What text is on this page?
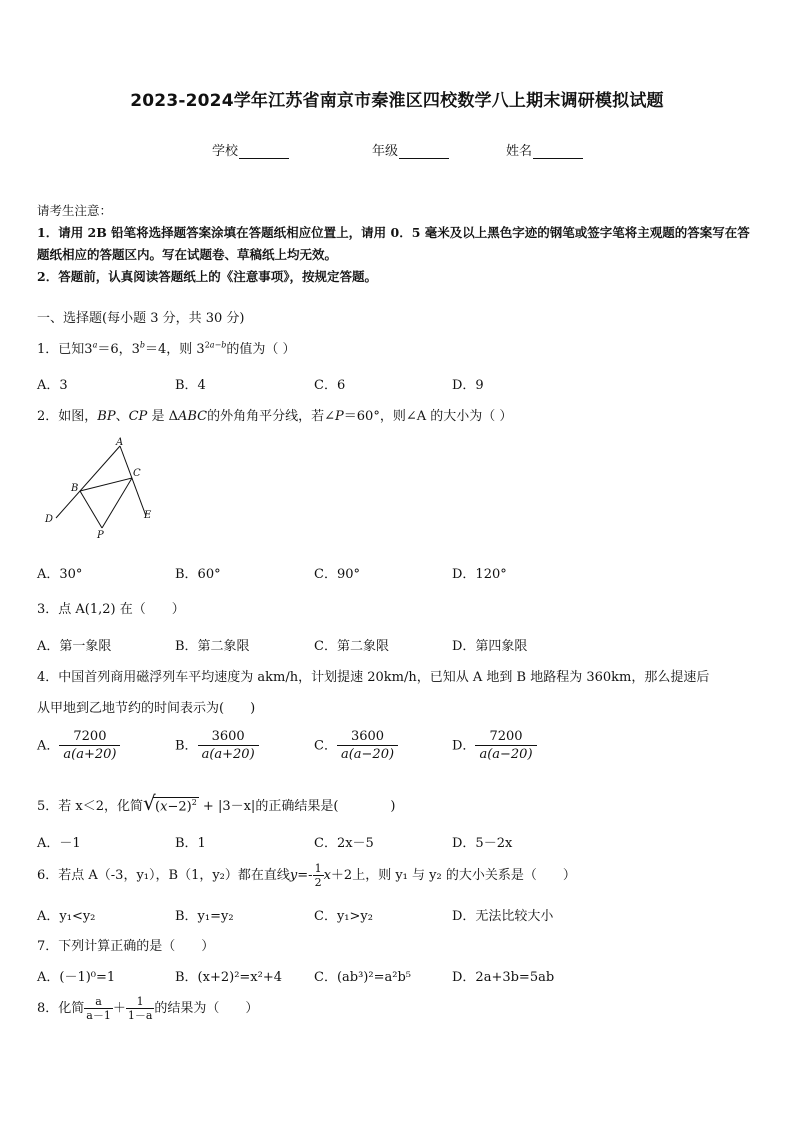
2023-2024学年江苏省南京市秦淮区四校数学八上期末调研模拟试题
学校	年级	姓名
请考生注意：
1．请用 2B 铅笔将选择题答案涂填在答题纸相应位置上，请用 0．5 毫米及以上黑色字迹的钢笔或签字笔将主观题的答案写在答题纸相应的答题区内。写在试题卷、草稿纸上均无效。
2．答题前，认真阅读答题纸上的《注意事项》，按规定答题。
一、选择题(每小题 3 分，共 30 分)
1．已知$3^a=6$，$3^b=4$，则 $3^{2a-b}$的值为（ ）
A．3	B．4	C．6	D．9
2．如图，BP、CP 是 ΔABC的外角角平分线，若∠P＝60°，则∠A 的大小为（ ）
A
B
C
D	E
P
A．30°	B．60°	C．90°	D．120°
3．点 A(1,2) 在（　　）
A．第一象限	B．第二象限	C．第二象限	D．第四象限
4．中国首列商用磁浮列车平均速度为 akm/h，计划提速 20km/h，已知从 A 地到 B 地路程为 360km，那么提速后
从甲地到乙地节约的时间表示为(　　)
A． $\frac{7200}{a(a+20)}$	B． $\frac{3600}{a(a+20)}$	C． $\frac{3600}{a(a-20)}$	D． $\frac{7200}{a(a-20)}$
5．若 x＜2，化简 √ $(x-2)^2 + |3-x|$的正确结果是(　　　　)
A．－1	B．1	C．2x－5	D．5－2x
6．若点 A（-3，y₁），B（1，y₂）都在直线$y=- \frac{1}{2} x+2$上，则 y₁ 与 y₂ 的大小关系是（　　）
A．y₁<y₂	B．y₁=y₂	C．y₁>y₂	D．无法比较大小
7．下列计算正确的是（　　）
A．(－1)⁰=1	B．(x+2)²=x²+4 C．(ab³)²=a²b⁵	D．2a+3b=5ab
8．化简 $\frac{a}{a-1} + \frac{1}{1-a}$ 的结果为（　　）
